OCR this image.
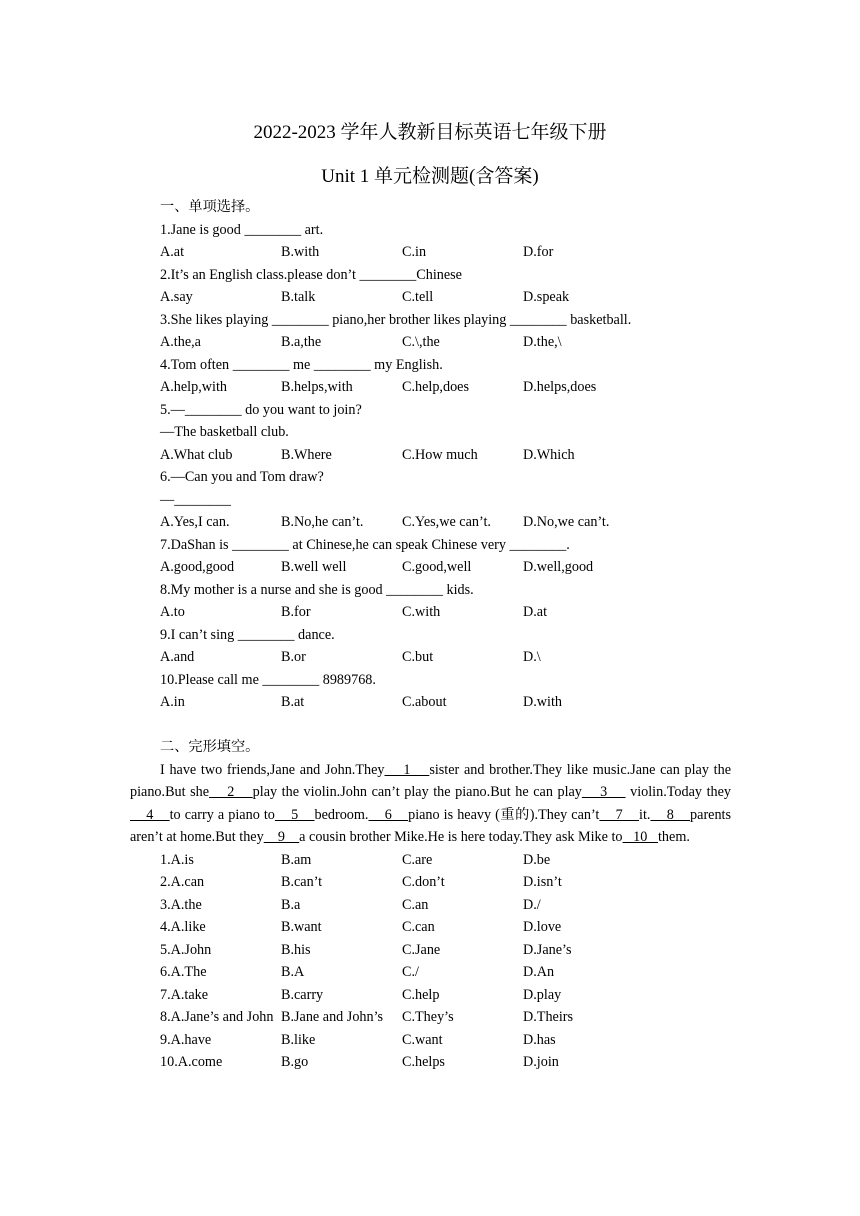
2022-2023 学年人教新目标英语七年级下册
Unit 1 单元检测题(含答案)
一、单项选择。
1.Jane is good ________ art.
A.at	B.with	C.in	D.for
2.It’s an English class.please don’t ________Chinese
A.say	B.talk	C.tell	D.speak
3.She likes playing ________ piano,her brother likes playing ________ basketball.
A.the,a	B.a,the	C.\,the	D.the,\
4.Tom often ________ me ________ my English.
A.help,with	B.helps,with	C.help,does	D.helps,does
5.—________ do you want to join?
—The basketball club.
A.What club	B.Where	C.How much	D.Which
6.—Can you and Tom draw?
—________
A.Yes,I can.	B.No,he can’t.	C.Yes,we can’t.	D.No,we can’t.
7.DaShan is ________ at Chinese,he can speak Chinese very ________.
A.good,good	B.well well	C.good,well	D.well,good
8.My mother is a nurse and she is good ________ kids.
A.to	B.for	C.with	D.at
9.I can’t sing ________ dance.
A.and	B.or	C.but	D.\
10.Please call me ________ 8989768.
A.in	B.at	C.about	D.with
二、完形填空。
I have two friends,Jane and John.They    1    sister and brother.They like music.Jane can play the piano.But she    2    play the violin.John can’t play the piano.But he can play    3     violin.Today they    4    to carry a piano to    5    bedroom.    6    piano is heavy (重的).They can’t    7    it.    8    parents aren’t at home.But they    9    a cousin brother Mike.He is here today.They ask Mike to   10   them.
1.A.is	B.am	C.are	D.be
2.A.can	B.can’t	C.don’t	D.isn’t
3.A.the	B.a	C.an	D./
4.A.like	B.want	C.can	D.love
5.A.John	B.his	C.Jane	D.Jane’s
6.A.The	B.A	C./	D.An
7.A.take	B.carry	C.help	D.play
8.A.Jane’s and John B.Jane and John’s	C.They’s	D.Theirs
9.A.have	B.like	C.want	D.has
10.A.come	B.go	C.helps	D.join
